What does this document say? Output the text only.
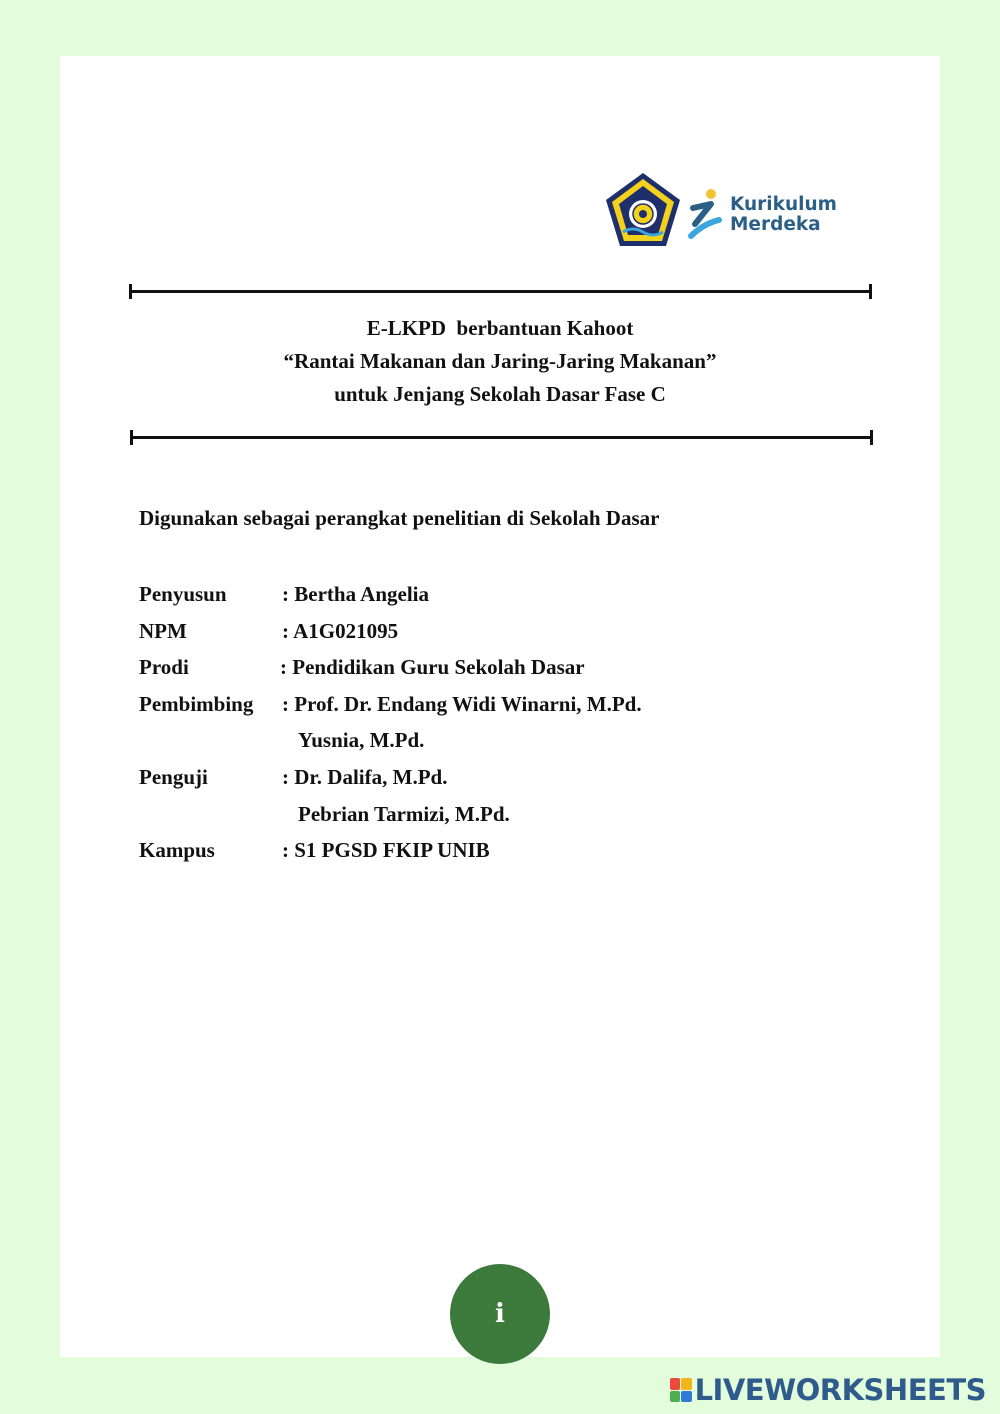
Kurikulum
Merdeka
E-LKPD  berbantuan Kahoot
“Rantai Makanan dan Jaring-Jaring Makanan”
untuk Jenjang Sekolah Dasar Fase C
Digunakan sebagai perangkat penelitian di Sekolah Dasar
Penyusun	: Bertha Angelia
NPM	: A1G021095
Prodi	: Pendidikan Guru Sekolah Dasar
Pembimbing : Prof. Dr. Endang Widi Winarni, M.Pd.
Yusnia, M.Pd.
Penguji	: Dr. Dalifa, M.Pd.
Pebrian Tarmizi, M.Pd.
Kampus	: S1 PGSD FKIP UNIB
i
LIVEWORKSHEETS
